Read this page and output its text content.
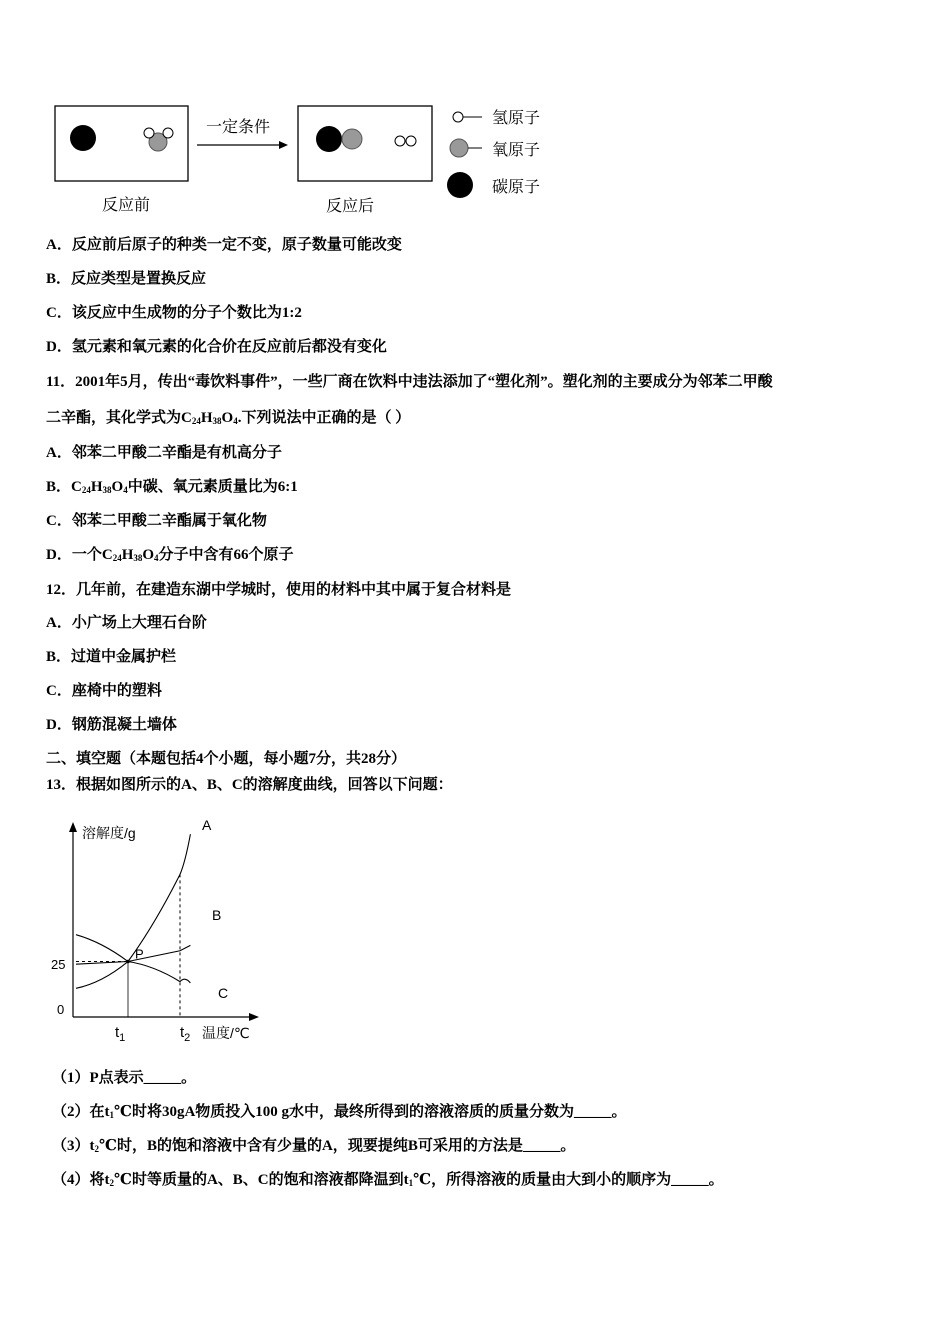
反应前
一定条件
反应后
氢原子
氧原子
碳原子
A．反应前后原子的种类一定不变，原子数量可能改变
B．反应类型是置换反应
C．该反应中生成物的分子个数比为1:2
D．氢元素和氧元素的化合价在反应前后都没有变化
11．2001年5月，传出“毒饮料事件”，一些厂商在饮料中违法添加了“塑化剂”。塑化剂的主要成分为邻苯二甲酸
二辛酯，其化学式为$C_{24}H_{38}O_4$.下列说法中正确的是（ ）
A．邻苯二甲酸二辛酯是有机高分子
B．$C_{24}H_{38}O_4$中碳、氧元素质量比为6:1
C．邻苯二甲酸二辛酯属于氧化物
D．一个$C_{24}H_{38}O_4$分子中含有66个原子
12．几年前，在建造东湖中学城时，使用的材料中其中属于复合材料是
A．小广场上大理石台阶
B．过道中金属护栏
C．座椅中的塑料
D．钢筋混凝土墙体
二、填空题（本题包括4个小题，每小题7分，共28分）
13．根据如图所示的A、B、C的溶解度曲线，回答以下问题：
溶解度/g
温度/℃
25
0
A
B
C
P
$t_1$	$t_2$
（1）P点表示_____。
（2）在$t_1℃$时将30gA物质投入100 g水中，最终所得到的溶液溶质的质量分数为_____。
$(3)t_2℃$时，B的饱和溶液中含有少量的A，现要提纯B可采用的方法是_____。
（4）将$t_2℃$时等质量的A、B、C的饱和溶液都降温到$t_1℃$，所得溶液的质量由大到小的顺序为_____。
